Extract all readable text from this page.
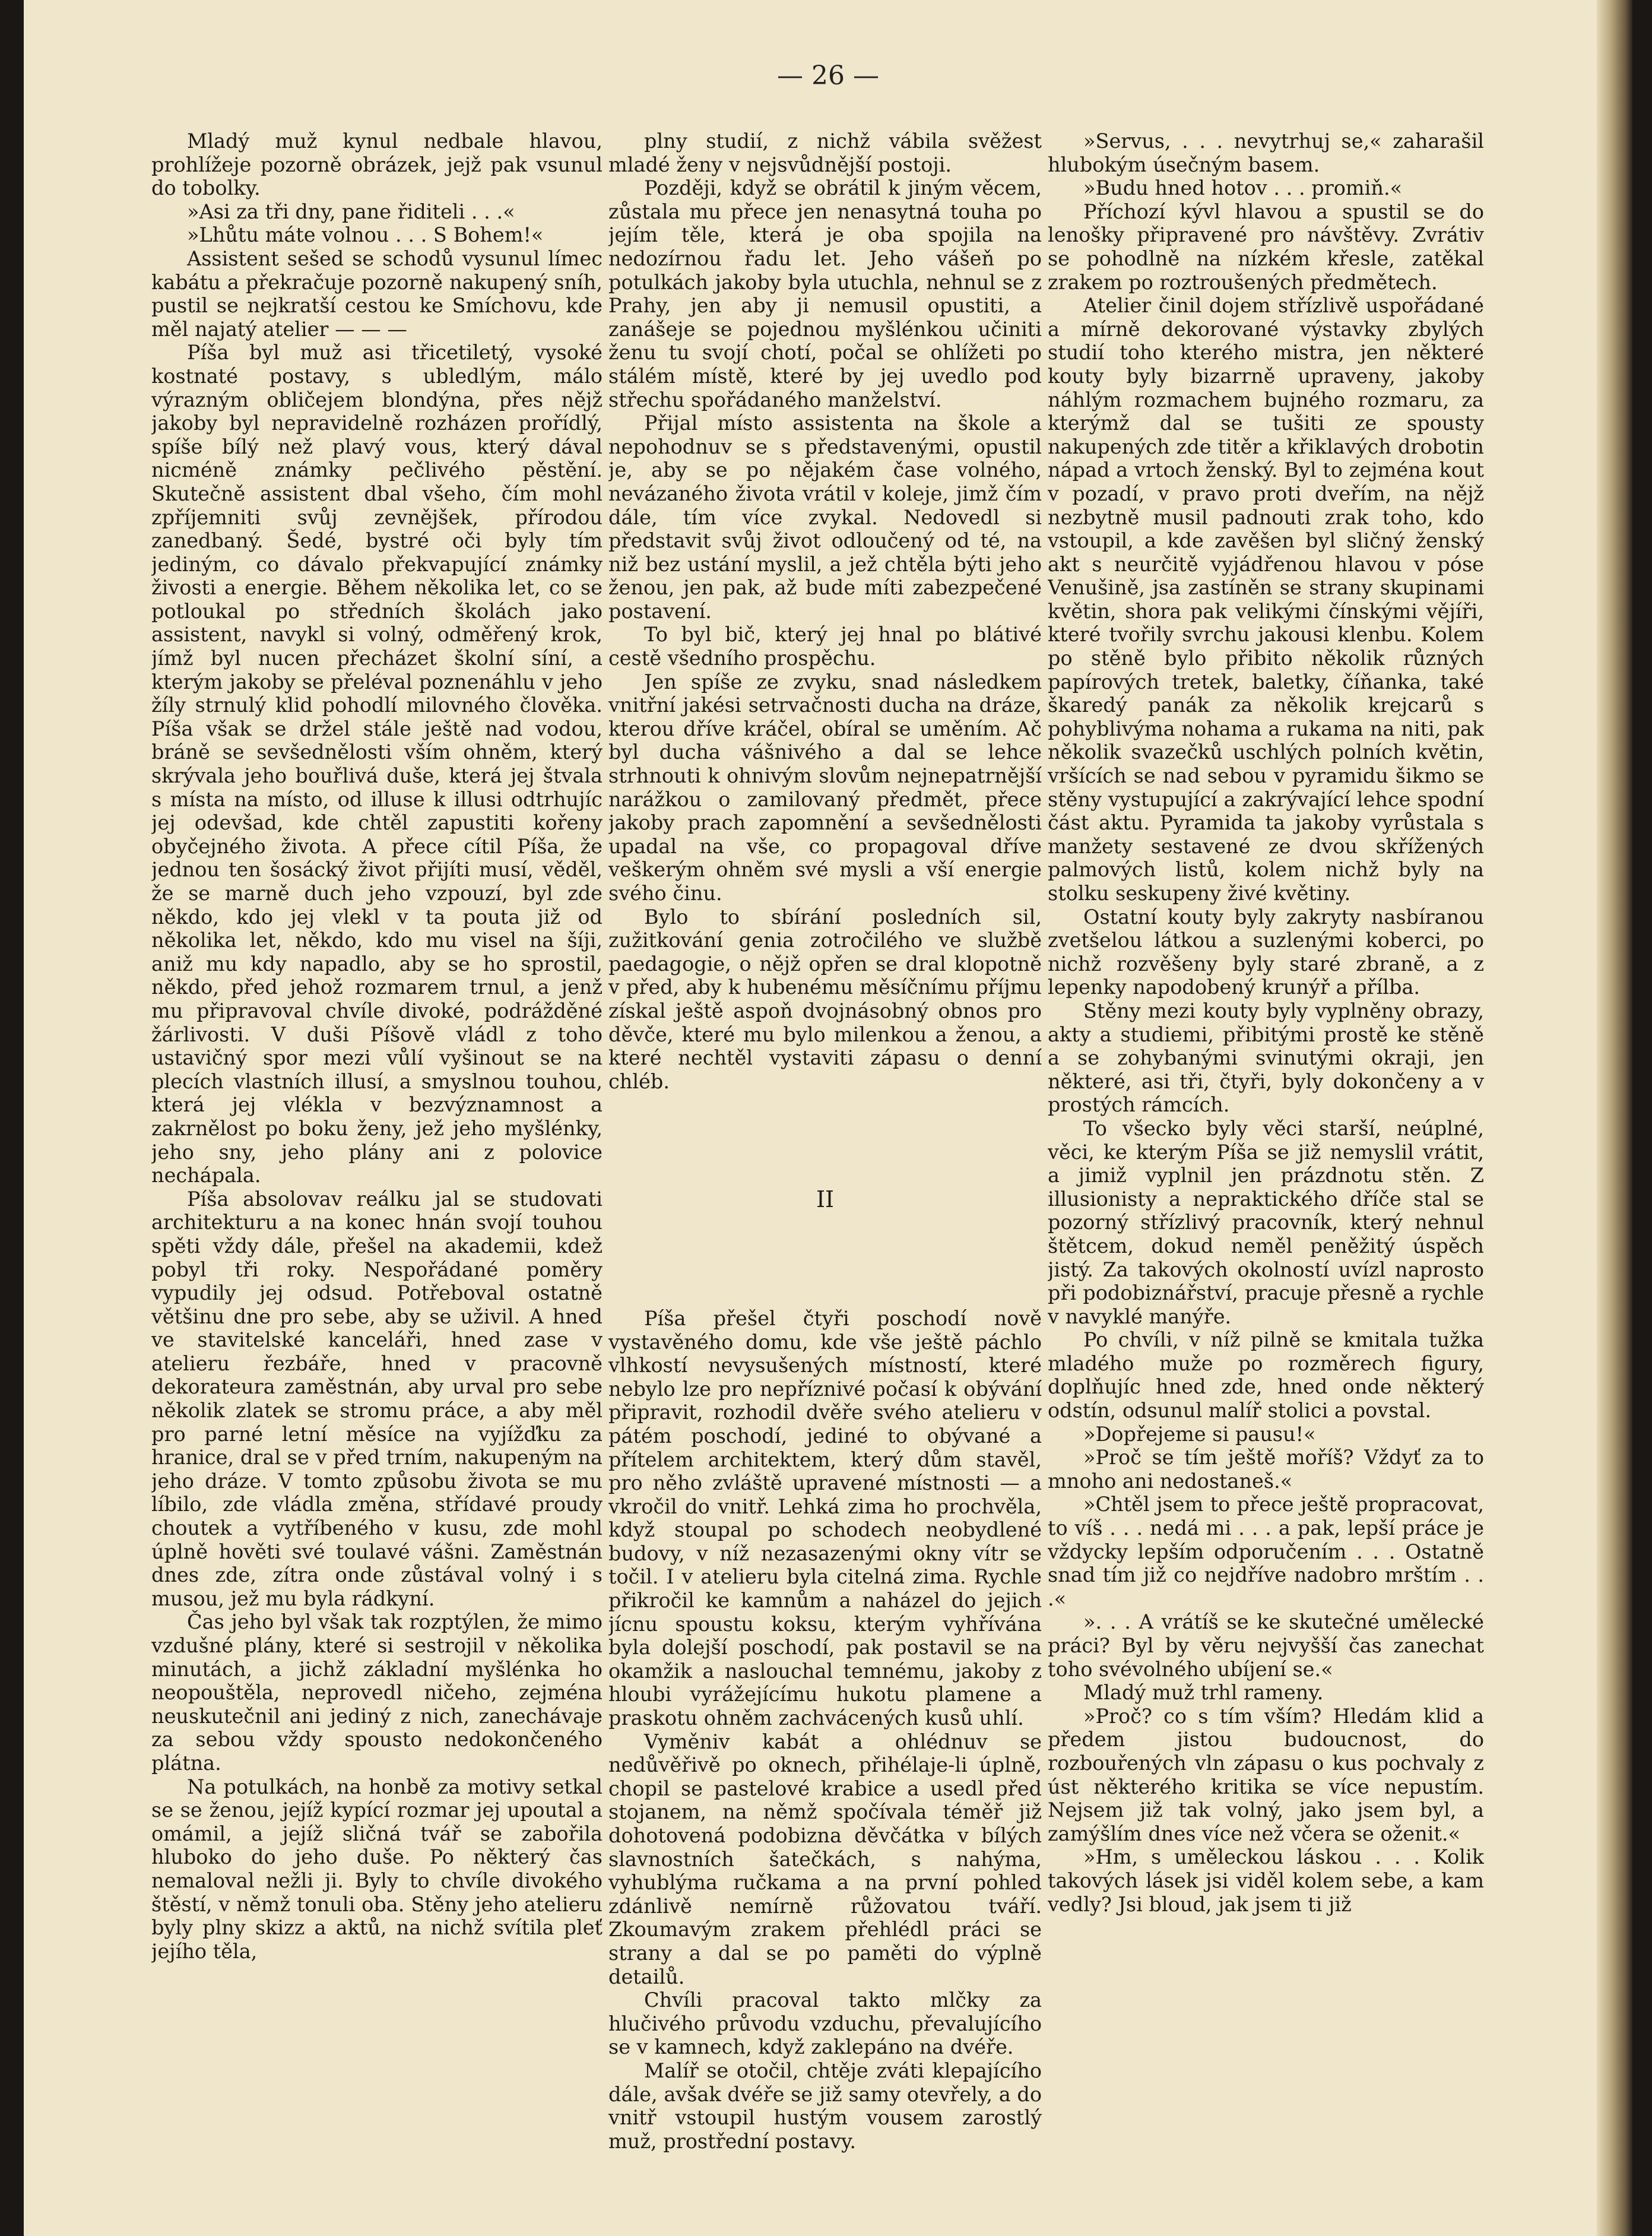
— 26 —

Mladý muž kynul nedbale hlavou, prohlížeje pozorně obrázek, jejž pak vsunul do tobolky.

»Asi za tři dny, pane řiditeli . . .«

»Lhůtu máte volnou . . . S Bohem!«

Assistent sešed se schodů vysunul límec kabátu a překračuje pozorně nakupený sníh, pustil se nejkratší cestou ke Smíchovu, kde měl najatý atelier — — —

Píša byl muž asi třicetiletý, vysoké kostnaté postavy, s ubledlým, málo výrazným obličejem blondýna, přes nějž jakoby byl nepravidelně rozházen prořídlý, spíše bílý než plavý vous, který dával nicméně známky pečlivého pěstění. Skutečně assistent dbal všeho, čím mohl zpříjemniti svůj zevnějšek, přírodou zanedbaný. Šedé, bystré oči byly tím jediným, co dávalo překvapující známky živosti a energie. Během několika let, co se potloukal po středních školách jako assistent, navykl si volný, odměřený krok, jímž byl nucen přecházet školní síní, a kterým jakoby se přeléval poznenáhlu v jeho žíly strnulý klid pohodlí milovného člověka. Píša však se držel stále ještě nad vodou, bráně se sevšednělosti vším ohněm, který skrývala jeho bouřlivá duše, která jej štvala s místa na místo, od illuse k illusi odtrhujíc jej odevšad, kde chtěl zapustiti kořeny obyčejného života. A přece cítil Píša, že jednou ten šosácký život přijíti musí, věděl, že se marně duch jeho vzpouzí, byl zde někdo, kdo jej vlekl v ta pouta již od několika let, někdo, kdo mu visel na šíji, aniž mu kdy napadlo, aby se ho sprostil, někdo, před jehož rozmarem trnul, a jenž mu připravoval chvíle divoké, podrážděné žárlivosti. V duši Píšově vládl z toho ustavičný spor mezi vůlí vyšinout se na plecích vlastních illusí, a smyslnou touhou, která jej vlékla v bezvýznamnost a zakrnělost po boku ženy, jež jeho myšlénky, jeho sny, jeho plány ani z polovice nechápala.

Píša absolovav reálku jal se studovati architekturu a na konec hnán svojí touhou spěti vždy dále, přešel na akademii, kdež pobyl tři roky. Nespořádané poměry vypudily jej odsud. Potřeboval ostatně většinu dne pro sebe, aby se uživil. A hned ve stavitelské kanceláři, hned zase v atelieru řezbáře, hned v pracovně dekorateura zaměstnán, aby urval pro sebe několik zlatek se stromu práce, a aby měl pro parné letní měsíce na vyjížďku za hranice, dral se v před trním, nakupeným na jeho dráze. V tomto způsobu života se mu líbilo, zde vládla změna, střídavé proudy choutek a vytříbeného v kusu, zde mohl úplně hověti své toulavé vášni. Zaměstnán dnes zde, zítra onde zůstával volný i s musou, jež mu byla rádkyní.

Čas jeho byl však tak rozptýlen, že mimo vzdušné plány, které si sestrojil v několika minutách, a jichž základní myšlénka ho neopouštěla, neprovedl ničeho, zejména neuskutečnil ani jediný z nich, zanechávaje za sebou vždy spousto nedokončeného plátna.

Na potulkách, na honbě za motivy setkal se se ženou, jejíž kypící rozmar jej upoutal a omámil, a jejíž sličná tvář se zabořila hluboko do jeho duše. Po některý čas nemaloval nežli ji. Byly to chvíle divokého štěstí, v němž tonuli oba. Stěny jeho atelieru byly plny skizz a aktů, na nichž svítila pleť jejího těla,

plny studií, z nichž vábila svěžest mladé ženy v nejsvůdnější postoji.

Později, když se obrátil k jiným věcem, zůstala mu přece jen nenasytná touha po jejím těle, která je oba spojila na nedozírnou řadu let. Jeho vášeň po potulkách jakoby byla utuchla, nehnul se z Prahy, jen aby ji nemusil opustiti, a zanášeje se pojednou myšlénkou učiniti ženu tu svojí chotí, počal se ohlížeti po stálém místě, které by jej uvedlo pod střechu spořádaného manželství.

Přijal místo assistenta na škole a nepohodnuv se s představenými, opustil je, aby se po nějakém čase volného, nevázaného života vrátil v koleje, jimž čím dále, tím více zvykal. Nedovedl si představit svůj život odloučený od té, na niž bez ustání myslil, a jež chtěla býti jeho ženou, jen pak, až bude míti zabezpečené postavení.

To byl bič, který jej hnal po blátivé cestě všedního prospěchu.

Jen spíše ze zvyku, snad následkem vnitřní jakési setrvačnosti ducha na dráze, kterou dříve kráčel, obíral se uměním. Ač byl ducha vášnivého a dal se lehce strhnouti k ohnivým slovům nejnepatrnější narážkou o zamilovaný předmět, přece jakoby prach zapomnění a sevšednělosti upadal na vše, co propagoval dříve veškerým ohněm své mysli a vší energie svého činu.

Bylo to sbírání posledních sil, zužitkování genia zotročilého ve službě paedagogie, o nějž opřen se dral klopotně v před, aby k hubenému měsíčnímu příjmu získal ještě aspoň dvojnásobný obnos pro děvče, které mu bylo milenkou a ženou, a které nechtěl vystaviti zápasu o denní chléb.

II

Píša přešel čtyři poschodí nově vystavěného domu, kde vše ještě páchlo vlhkostí nevysušených místností, které nebylo lze pro nepříznivé počasí k obývání připravit, rozhodil dvěře svého atelieru v pátém poschodí, jediné to obývané a přítelem architektem, který dům stavěl, pro něho zvláště upravené místnosti — a vkročil do vnitř. Lehká zima ho prochvěla, když stoupal po schodech neobydlené budovy, v níž nezasazenými okny vítr se točil. I v atelieru byla citelná zima. Rychle přikročil ke kamnům a naházel do jejich jícnu spoustu koksu, kterým vyhřívána byla dolejší poschodí, pak postavil se na okamžik a naslouchal temnému, jakoby z hloubi vyrážejícímu hukotu plamene a praskotu ohněm zachvácených kusů uhlí.

Vyměniv kabát a ohlédnuv se nedůvěřivě po oknech, přihélaje-li úplně, chopil se pastelové krabice a usedl před stojanem, na němž spočívala téměř již dohotovená podobizna děvčátka v bílých slavnostních šatečkách, s nahýma, vyhublýma ručkama a na první pohled zdánlivě nemírně růžovatou tváří. Zkoumavým zrakem přehlédl práci se strany a dal se po paměti do výplně detailů.

Chvíli pracoval takto mlčky za hlučivého průvodu vzduchu, převalujícího se v kamnech, když zaklepáno na dvéře.

Malíř se otočil, chtěje zváti klepajícího dále, avšak dvéře se již samy otevřely, a do vnitř vstoupil hustým vousem zarostlý muž, prostřední postavy.

»Servus, . . . nevytrhuj se,« zaharašil hlubokým úsečným basem.

»Budu hned hotov . . . promiň.«

Příchozí kývl hlavou a spustil se do lenošky připravené pro návštěvy. Zvrátiv se pohodlně na nízkém křesle, zatěkal zrakem po roztroušených předmětech.

Atelier činil dojem střízlivě uspořádané a mírně dekorované výstavky zbylých studií toho kterého mistra, jen některé kouty byly bizarrně upraveny, jakoby náhlým rozmachem bujného rozmaru, za kterýmž dal se tušiti ze spousty nakupených zde titěr a křiklavých drobotin nápad a vrtoch ženský. Byl to zejména kout v pozadí, v pravo proti dveřím, na nějž nezbytně musil padnouti zrak toho, kdo vstoupil, a kde zavěšen byl sličný ženský akt s neurčitě vyjádřenou hlavou v póse Venušině, jsa zastíněn se strany skupinami květin, shora pak velikými čínskými vějíři, které tvořily svrchu jakousi klenbu. Kolem po stěně bylo přibito několik různých papírových tretek, baletky, číňanka, také škaredý panák za několik krejcarů s pohyblivýma nohama a rukama na niti, pak několik svazečků uschlých polních květin, vršících se nad sebou v pyramidu šikmo se stěny vystupující a zakrývající lehce spodní část aktu. Pyramida ta jakoby vyrůstala s manžety sestavené ze dvou skřížených palmových listů, kolem nichž byly na stolku seskupeny živé květiny.

Ostatní kouty byly zakryty nasbíranou zvetšelou látkou a suzlenými koberci, po nichž rozvěšeny byly staré zbraně, a z lepenky napodobený krunýř a přílba.

Stěny mezi kouty byly vyplněny obrazy, akty a studiemi, přibitými prostě ke stěně a se zohybanými svinutými okraji, jen některé, asi tři, čtyři, byly dokončeny a v prostých rámcích.

To všecko byly věci starší, neúplné, věci, ke kterým Píša se již nemyslil vrátit, a jimiž vyplnil jen prázdnotu stěn. Z illusionisty a nepraktického dříče stal se pozorný střízlivý pracovník, který nehnul štětcem, dokud neměl peněžitý úspěch jistý. Za takových okolností uvízl naprosto při podobiznářství, pracuje přesně a rychle v navyklé manýře.

Po chvíli, v níž pilně se kmitala tužka mladého muže po rozměrech figury, doplňujíc hned zde, hned onde některý odstín, odsunul malíř stolici a povstal.

»Dopřejeme si pausu!«

»Proč se tím ještě moříš? Vždyť za to mnoho ani nedostaneš.«

»Chtěl jsem to přece ještě propracovat, to víš . . . nedá mi . . . a pak, lepší práce je vždycky lepším odporučením . . . Ostatně snad tím již co nejdříve nadobro mrštím . . .«

». . . A vrátíš se ke skutečné umělecké práci? Byl by věru nejvyšší čas zanechat toho svévolného ubíjení se.«

Mladý muž trhl rameny.

»Proč? co s tím vším? Hledám klid a předem jistou budoucnost, do rozbouřených vln zápasu o kus pochvaly z úst některého kritika se více nepustím. Nejsem již tak volný, jako jsem byl, a zamýšlím dnes více než včera se oženit.«

»Hm, s uměleckou láskou . . . Kolik takových lásek jsi viděl kolem sebe, a kam vedly? Jsi bloud, jak jsem ti již
